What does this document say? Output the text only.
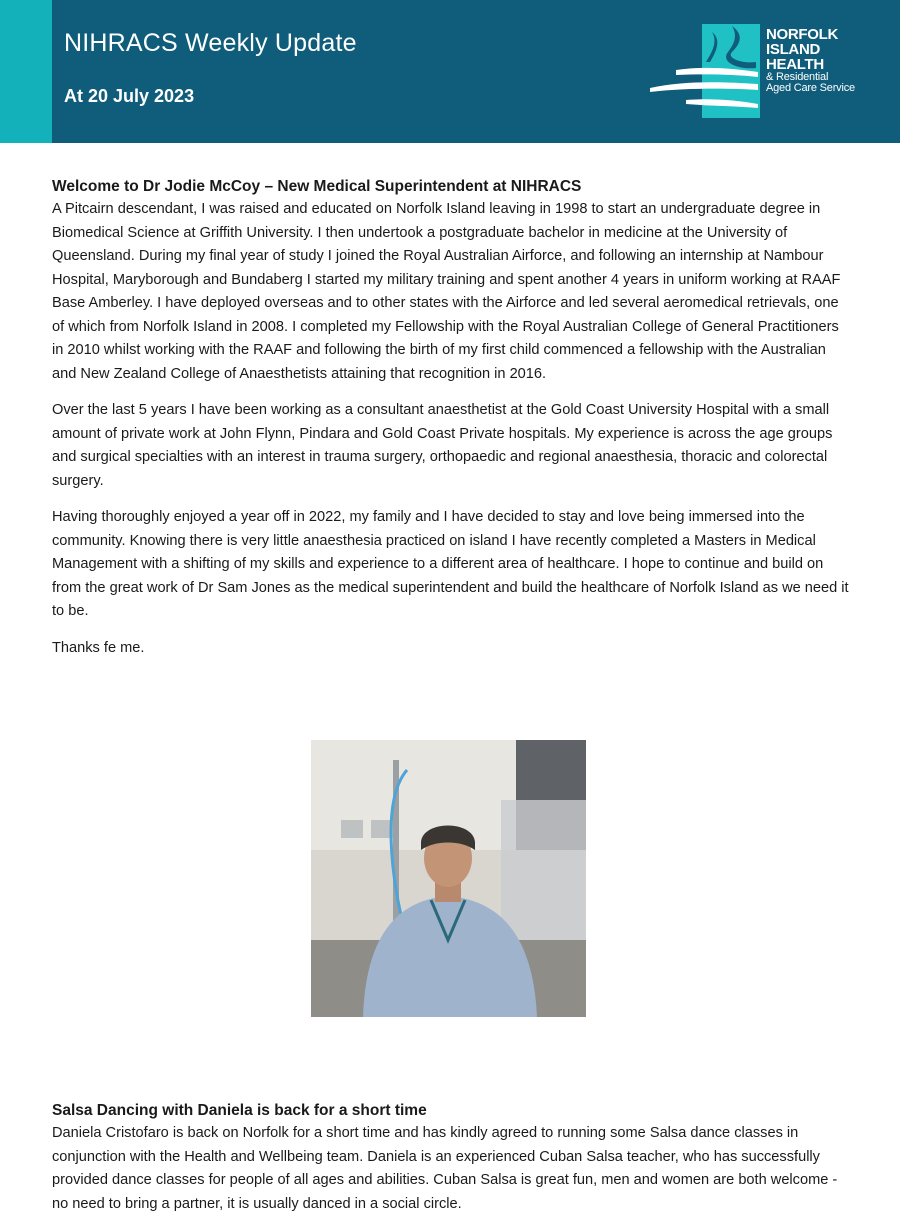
NIHRACS Weekly Update
At 20 July 2023
NORFOLK
ISLAND
HEALTH
& Residential
Aged Care Service
Welcome to Dr Jodie McCoy – New Medical Superintendent at NIHRACS

A Pitcairn descendant, I was raised and educated on Norfolk Island leaving in 1998 to start an undergraduate degree in Biomedical Science at Griffith University. I then undertook a postgraduate bachelor in medicine at the University of Queensland. During my final year of study I joined the Royal Australian Airforce, and following an internship at Nambour Hospital, Maryborough and Bundaberg I started my military training and spent another 4 years in uniform working at RAAF Base Amberley. I have deployed overseas and to other states with the Airforce and led several aeromedical retrievals, one of which from Norfolk Island in 2008. I completed my Fellowship with the Royal Australian College of General Practitioners in 2010 whilst working with the RAAF and following the birth of my first child commenced a fellowship with the Australian and New Zealand College of Anaesthetists attaining that recognition in 2016.

Over the last 5 years I have been working as a consultant anaesthetist at the Gold Coast University Hospital with a small amount of private work at John Flynn, Pindara and Gold Coast Private hospitals. My experience is across the age groups and surgical specialties with an interest in trauma surgery, orthopaedic and regional anaesthesia, thoracic and colorectal surgery.

Having thoroughly enjoyed a year off in 2022, my family and I have decided to stay and love being immersed into the community. Knowing there is very little anaesthesia practiced on island I have recently completed a Masters in Medical Management with a shifting of my skills and experience to a different area of healthcare. I hope to continue and build on from the great work of Dr Sam Jones as the medical superintendent and build the healthcare of Norfolk Island as we need it to be.

Thanks fe me.

Salsa Dancing with Daniela is back for a short time

Daniela Cristofaro is back on Norfolk for a short time and has kindly agreed to running some Salsa dance classes in conjunction with the Health and Wellbeing team. Daniela is an experienced Cuban Salsa teacher, who has successfully provided dance classes for people of all ages and abilities. Cuban Salsa is great fun, men and women are both welcome - no need to bring a partner, it is usually danced in a social circle.
